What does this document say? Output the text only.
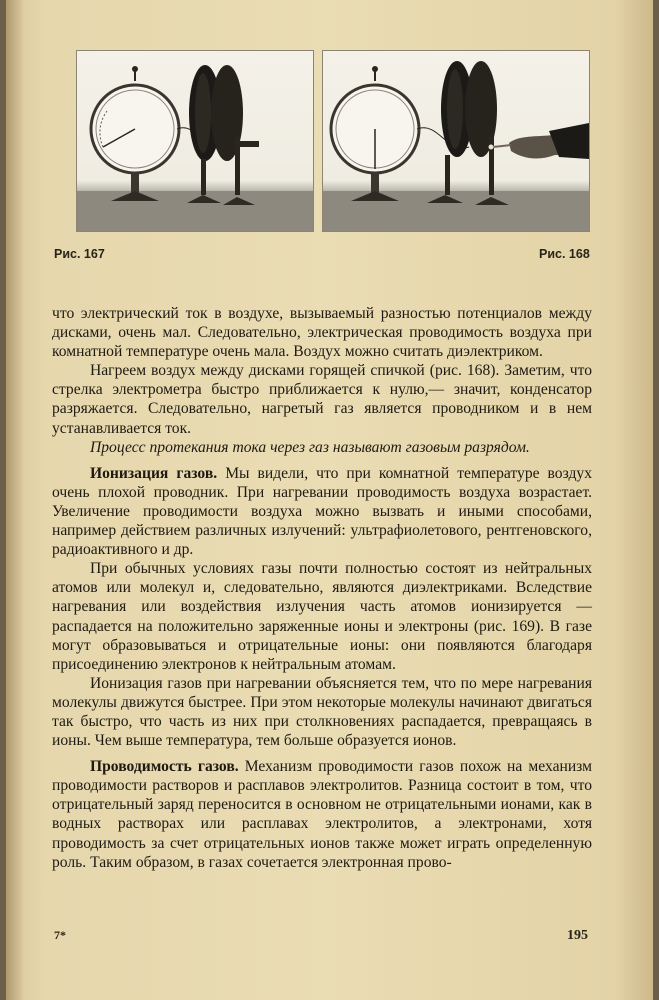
Рис. 167	Рис. 168

что электрический ток в воздухе, вызываемый разностью потенциалов между дисками, очень мал. Следовательно, электрическая проводимость воздуха при комнатной температуре очень мала. Воздух можно считать диэлектриком.

Нагреем воздух между дисками горящей спичкой (рис. 168). Заметим, что стрелка электрометра быстро приближается к нулю,— значит, конденсатор разряжается. Следовательно, нагретый газ является проводником и в нем устанавливается ток.

Процесс протекания тока через газ называют газовым разрядом.

Ионизация газов. Мы видели, что при комнатной температуре воздух очень плохой проводник. При нагревании проводимость воздуха возрастает. Увеличение проводимости воздуха можно вызвать и иными способами, например действием различных излучений: ультрафиолетового, рентгеновского, радиоактивного и др.

При обычных условиях газы почти полностью состоят из нейтральных атомов или молекул и, следовательно, являются диэлектриками. Вследствие нагревания или воздействия излучения часть атомов ионизируется — распадается на положительно заряженные ионы и электроны (рис. 169). В газе могут образовываться и отрицательные ионы: они появляются благодаря присоединению электронов к нейтральным атомам.

Ионизация газов при нагревании объясняется тем, что по мере нагревания молекулы движутся быстрее. При этом некоторые молекулы начинают двигаться так быстро, что часть из них при столкновениях распадается, превращаясь в ионы. Чем выше температура, тем больше образуется ионов.

Проводимость газов. Механизм проводимости газов похож на механизм проводимости растворов и расплавов электролитов. Разница состоит в том, что отрицательный заряд переносится в основном не отрицательными ионами, как в водных растворах или расплавах электролитов, а электронами, хотя проводимость за счет отрицательных ионов также может играть определенную роль. Таким образом, в газах сочетается электронная прово-

7*	195
